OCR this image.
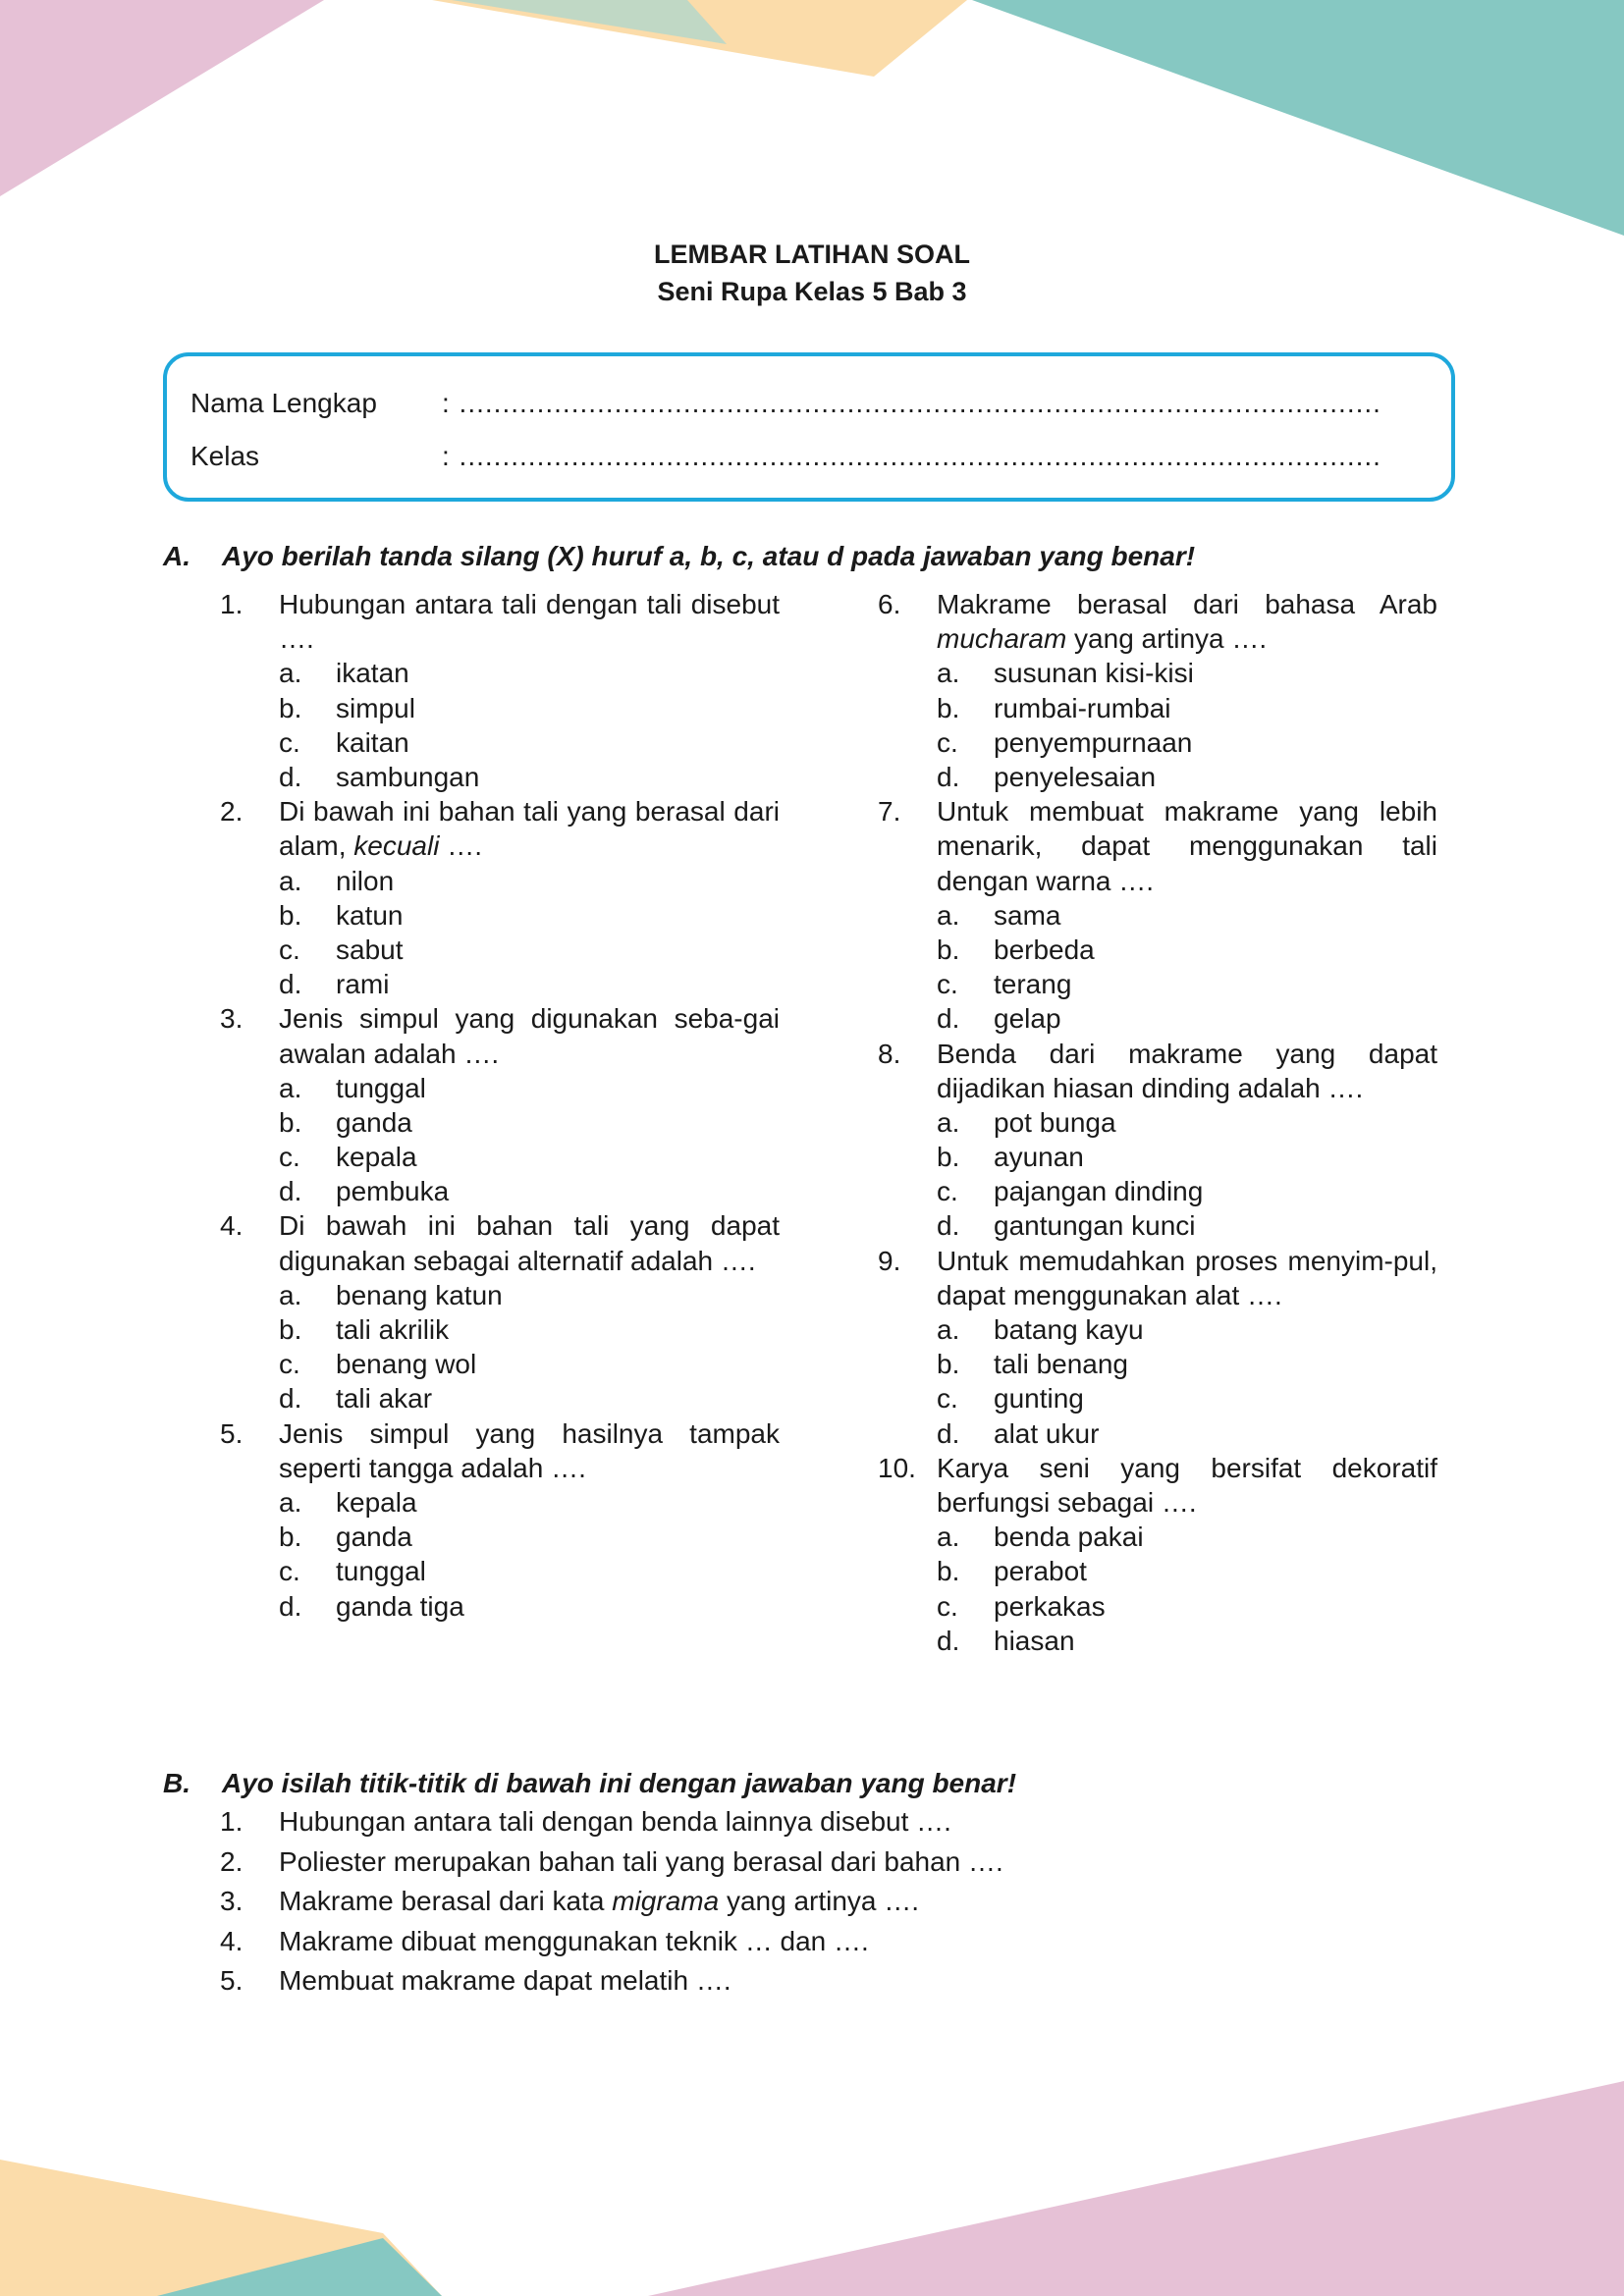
LEMBAR LATIHAN SOAL
Seni Rupa Kelas 5 Bab 3
Nama Lengkap : ...........................................................................................................
Kelas	: ...........................................................................................................
A. Ayo berilah tanda silang (X) huruf a, b, c, atau d pada jawaban yang benar!
1. Hubungan antara tali dengan tali disebut ….
a. ikatan
b. simpul
c. kaitan
d. sambungan
2. Di bawah ini bahan tali yang berasal dari alam, kecuali ….
a. nilon
b. katun
c. sabut
d. rami
3. Jenis simpul yang digunakan seba-gai awalan adalah ….
a. tunggal
b. ganda
c. kepala
d. pembuka
4. Di bawah ini bahan tali yang dapat digunakan sebagai alternatif adalah ….
a. benang katun
b. tali akrilik
c. benang wol
d. tali akar
5. Jenis simpul yang hasilnya tampak seperti tangga adalah ….
a. kepala
b. ganda
c. tunggal
d. ganda tiga
6. Makrame berasal dari bahasa Arab mucharam yang artinya ….
a. susunan kisi-kisi
b. rumbai-rumbai
c. penyempurnaan
d. penyelesaian
7. Untuk membuat makrame yang lebih menarik, dapat menggunakan tali dengan warna ….
a. sama
b. berbeda
c. terang
d. gelap
8. Benda dari makrame yang dapat dijadikan hiasan dinding adalah ….
a. pot bunga
b. ayunan
c. pajangan dinding
d. gantungan kunci
9. Untuk memudahkan proses menyim-pul, dapat menggunakan alat ….
a. batang kayu
b. tali benang
c. gunting
d. alat ukur
10. Karya seni yang bersifat dekoratif berfungsi sebagai ….
a. benda pakai
b. perabot
c. perkakas
d. hiasan
B. Ayo isilah titik-titik di bawah ini dengan jawaban yang benar!
1. Hubungan antara tali dengan benda lainnya disebut ….
2. Poliester merupakan bahan tali yang berasal dari bahan ….
3. Makrame berasal dari kata migrama yang artinya ….
4. Makrame dibuat menggunakan teknik … dan ….
5. Membuat makrame dapat melatih ….
